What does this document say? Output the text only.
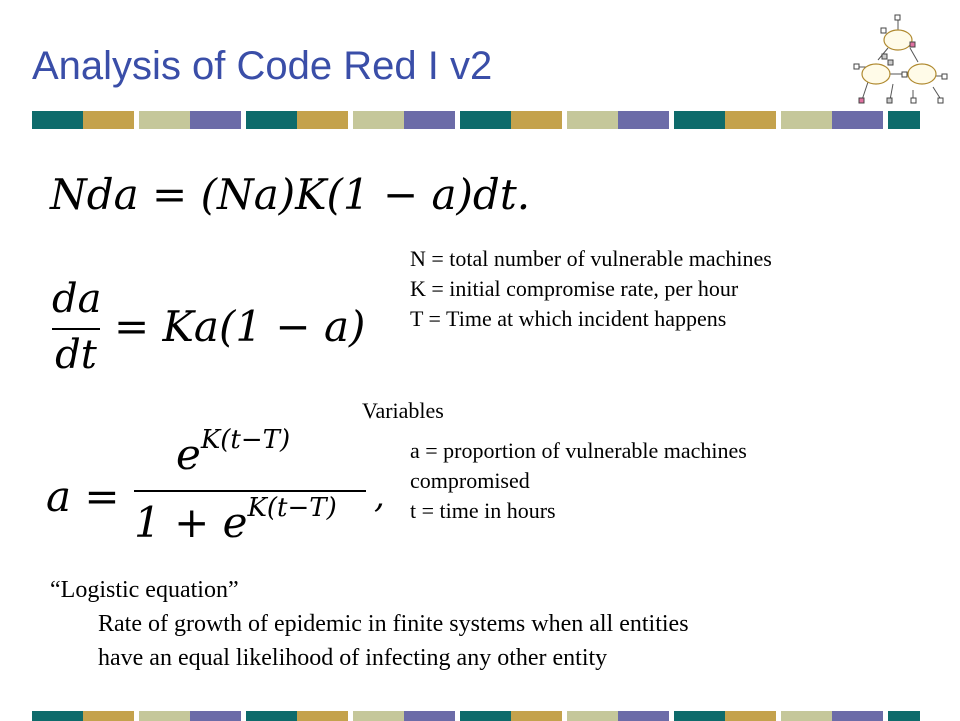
Analysis of Code Red I v2
Nda = (Na)K(1 − a)dt.
da
dt
= Ka(1 − a)
N = total number of vulnerable machines
K = initial compromise rate, per hour
T = Time at which incident happens
a =
$e^{K(t-T)}$
$1 + e^{K(t-T)}$ ,
Variables
a = proportion of vulnerable machines
compromised
t = time in hours
“Logistic equation”
Rate of growth of epidemic in finite systems when all entities
have an equal likelihood of infecting any other entity
